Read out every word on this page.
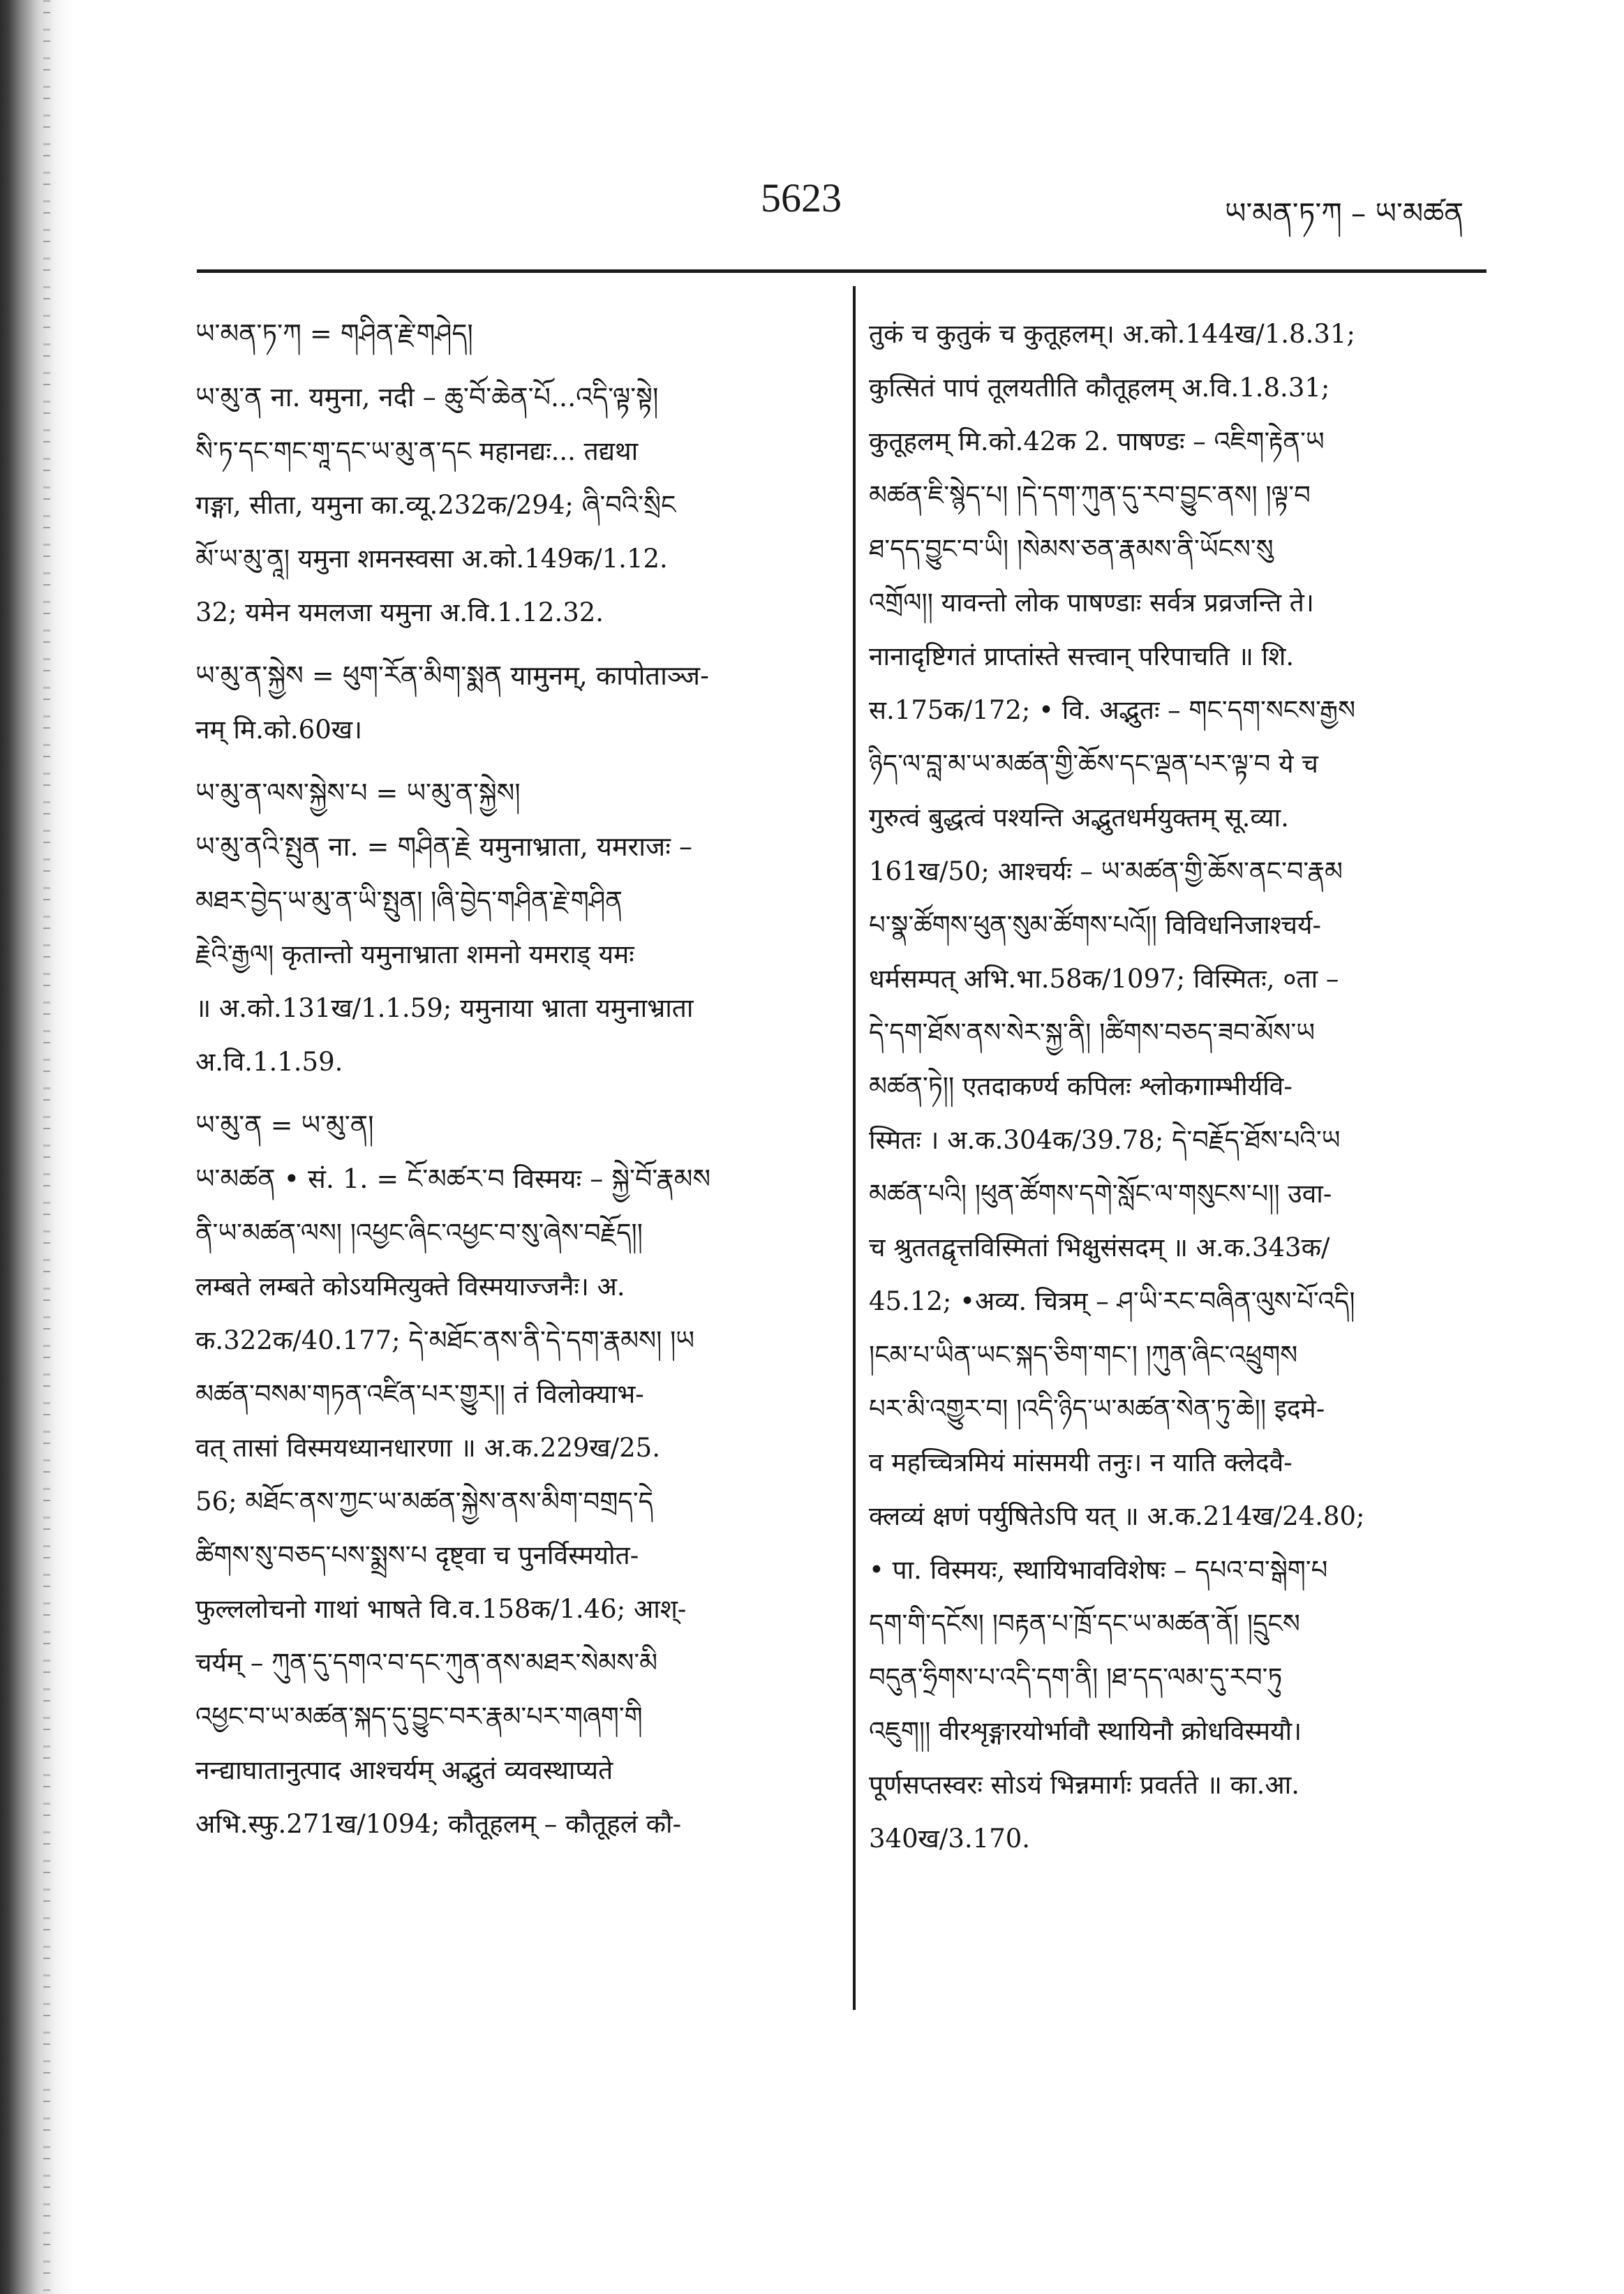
5623	ཡ་མན་ཏ་ཀ – ཡ་མཚན
ཡ་མན་ཏ་ཀ = གཤིན་རྗེ་གཤེད།
ཡ་མུ་ན ना. यमुना, नदी – ཆུ་བོ་ཆེན་པོ...འདི་ལྟ་སྟེ།
སི་ཏ་དང་གང་གཱ་དང་ཡ་མུ་ན་དང महानद्यः... तद्यथा
गङ्गा, सीता, यमुना का.व्यू.232क/294; ཞི་བའི་སྲིང
མོ་ཡ་མུ་ནཱ། यमुना शमनस्वसा अ.को.149क/1.12.
32; यमेन यमलजा यमुना अ.वि.1.12.32.
ཡ་མུ་ན་སྐྱེས = ཕུག་རོན་མིག་སྨན यामुनम्, कापोताञ्ज-
नम् मि.को.60ख।
ཡ་མུ་ན་ལས་སྐྱེས་པ = ཡ་མུ་ན་སྐྱེས།
ཡ་མུ་ནའི་སྤུན ना. = གཤིན་རྗེ यमुनाभ्राता, यमराजः –
མཐར་བྱེད་ཡ་མུ་ན་ཡི་སྤུན། །ཞི་བྱེད་གཤིན་རྗེ་གཤིན
རྗེའི་རྒྱལ། कृतान्तो यमुनाभ्राता शमनो यमराड् यमः
॥ अ.को.131ख/1.1.59; यमुनाया भ्राता यमुनाभ्राता
अ.वि.1.1.59.
ཡ་མུ་ན = ཡ་མུ་ན།
ཡ་མཚན • सं. 1. = ངོ་མཚར་བ विस्मयः – སྐྱེ་བོ་རྣམས
ནི་ཡ་མཚན་ལས། །འཕྱང་ཞིང་འཕྱང་བ་སུ་ཞེས་བརྗོད།།
लम्बते लम्बते कोऽयमित्युक्ते विस्मयाज्जनैः। अ.
क.322क/40.177; དེ་མཐོང་ནས་ནི་དེ་དག་རྣམས། །ཡ
མཚན་བསམ་གཏན་འཛིན་པར་གྱུར།། तं विलोक्याभ-
वत् तासां विस्मयध्यानधारणा ॥ अ.क.229ख/25.
56; མཐོང་ནས་ཀྱང་ཡ་མཚན་སྐྱེས་ནས་མིག་བགྲད་དེ
ཚིགས་སུ་བཅད་པས་སྨྲས་པ दृष्ट्वा च पुनर्विस्मयोत-
फुल्ललोचनो गाथां भाषते वि.व.158क/1.46; आश्-
चर्यम् – ཀུན་དུ་དགའ་བ་དང་ཀུན་ནས་མཐར་སེམས་མི
འཕྱང་བ་ཡ་མཚན་སྐད་དུ་བྱུང་བར་རྣམ་པར་གཞག་གི
नन्द्याघातानुत्पाद आश्चर्यम् अद्भुतं व्यवस्थाप्यते
अभि.स्फु.271ख/1094; कौतूहलम् – कौतूहलं कौ-
तुकं च कुतुकं च कुतूहलम्। अ.को.144ख/1.8.31;
कुत्सितं पापं तूलयतीति कौतूहलम् अ.वि.1.8.31;
कुतूहलम् मि.को.42क 2. पाषण्डः – འཇིག་རྟེན་ཡ
མཚན་ཇི་སྙེད་པ། །དེ་དག་ཀུན་དུ་རབ་བྱུང་ནས། །ལྟ་བ
ཐ་དད་བྱུང་བ་ཡི། །སེམས་ཅན་རྣམས་ནི་ཡོངས་སུ
འགྲོལ།། यावन्तो लोक पाषण्डाः सर्वत्र प्रव्रजन्ति ते।
नानादृष्टिगतं प्राप्तांस्ते सत्त्वान् परिपाचति ॥ शि.
स.175क/172; • वि. अद्भुतः – གང་དག་སངས་རྒྱས
ཉིད་ལ་བླ་མ་ཡ་མཚན་གྱི་ཆོས་དང་ལྡན་པར་ལྟ་བ ये च
गुरुत्वं बुद्धत्वं पश्यन्ति अद्भुतधर्मयुक्तम् सू.व्या.
161ख/50; आश्चर्यः – ཡ་མཚན་གྱི་ཆོས་ནང་བ་རྣམ
པ་སྣ་ཚོགས་ཕུན་སུམ་ཚོགས་པའོ།། विविधनिजाश्चर्य-
धर्मसम्पत् अभि.भा.58क/1097; विस्मितः, ०ता –
དེ་དག་ཐོས་ནས་སེར་སྐྱ་ནི། །ཚིགས་བཅད་ཟབ་མོས་ཡ
མཚན་ཏེ།། एतदाकर्ण्य कपिलः श्लोकगाम्भीर्यवि-
स्मितः । अ.क.304क/39.78; དེ་བརྗོད་ཐོས་པའི་ཡ
མཚན་པའི། །ཕུན་ཚོགས་དགེ་སློང་ལ་གསུངས་པ།། उवा-
च श्रुततद्वृत्तविस्मितां भिक्षुसंसदम् ॥ अ.क.343क/
45.12; •अव्य. चित्रम् – ཤ་ཡི་རང་བཞིན་ལུས་པོ་འདི།
།ངམ་པ་ཡིན་ཡང་སྐད་ཅིག་གང་། །ཀུན་ཞིང་འཕྲུགས
པར་མི་འགྱུར་བ། །འདི་ཉིད་ཡ་མཚན་སེན་ཏུ་ཆེ།། इदमे-
व महच्चित्रमियं मांसमयी तनुः। न याति क्लेदवै-
क्लव्यं क्षणं पर्युषितेऽपि यत् ॥ अ.क.214ख/24.80;
• पा. विस्मयः, स्थायिभावविशेषः – དཔའ་བ་སྒེག་པ
དག་གི་དངོས། །བརྟན་པ་ཁྲོ་དང་ཡ་མཚན་ནོ། །དྲུངས
བདུན་ཧྲིགས་པ་འདི་དག་ནི། །ཐ་དད་ལམ་དུ་རབ་ཏུ
འཇུག།། वीरशृङ्गारयोर्भावौ स्थायिनौ क्रोधविस्मयौ।
पूर्णसप्तस्वरः सोऽयं भिन्नमार्गः प्रवर्तते ॥ का.आ.
340ख/3.170.
